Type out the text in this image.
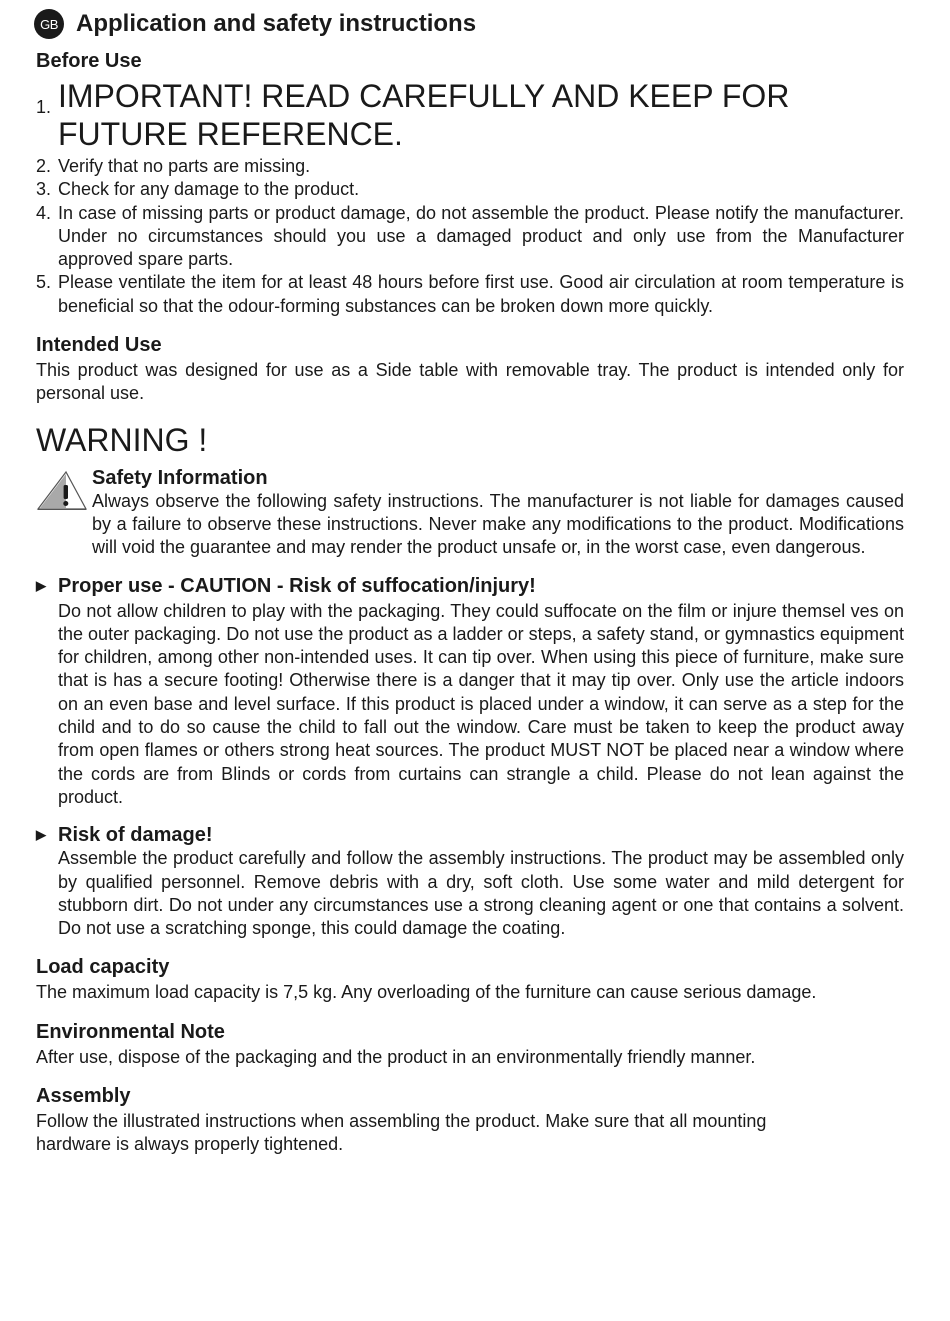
GB Application and safety instructions
Before Use
1. IMPORTANT! READ CAREFULLY AND KEEP FOR FUTURE REFERENCE.
2. Verify that no parts are missing.
3. Check for any damage to the product.
4. In case of missing parts or product damage, do not assemble the product. Please notify the manufacturer. Under no circumstances should you use a damaged product and only use from the Manufacturer approved spare parts.
5. Please ventilate the item for at least 48 hours before first use. Good air circulation at room temperature is beneficial so that the odour-forming substances can be broken down more quickly.
Intended Use

This product was designed for use as a Side table with removable tray. The product is intended only for personal use.

WARNING !
Safety Information

Always observe the following safety instructions. The manufacturer is not liable for damages caused by a failure to observe these instructions. Never make any modifications to the product. Modifications will void the guarantee and may render the product unsafe or, in the worst case, even dangerous.

▶ Proper use - CAUTION - Risk of suffocation/injury!

Do not allow children to play with the packaging. They could suffocate on the film or injure themsel ves on the outer packaging. Do not use the product as a ladder or steps, a safety stand, or gymnastics equipment for children, among other non-intended uses. It can tip over. When using this piece of furniture, make sure that is has a secure footing! Otherwise there is a danger that it may tip over. Only use the article indoors on an even base and level surface. If this product is placed under a window, it can serve as a step for the child and to do so cause the child to fall out the window. Care must be taken to keep the product away from open flames or others strong heat sources. The product MUST NOT be placed near a window where the cords are from Blinds or cords from curtains can strangle a child. Please do not lean against the product.

▶ Risk of damage!

Assemble the product carefully and follow the assembly instructions. The product may be assembled only by qualified personnel. Remove debris with a dry, soft cloth. Use some water and mild detergent for stubborn dirt. Do not under any circumstances use a strong cleaning agent or one that contains a solvent. Do not use a scratching sponge, this could damage the coating.

Load capacity

The maximum load capacity is 7,5 kg. Any overloading of the furniture can cause serious damage.

Environmental Note

After use, dispose of the packaging and the product in an environmentally friendly manner.

Assembly

Follow the illustrated instructions when assembling the product. Make sure that all mounting
hardware is always properly tightened.
